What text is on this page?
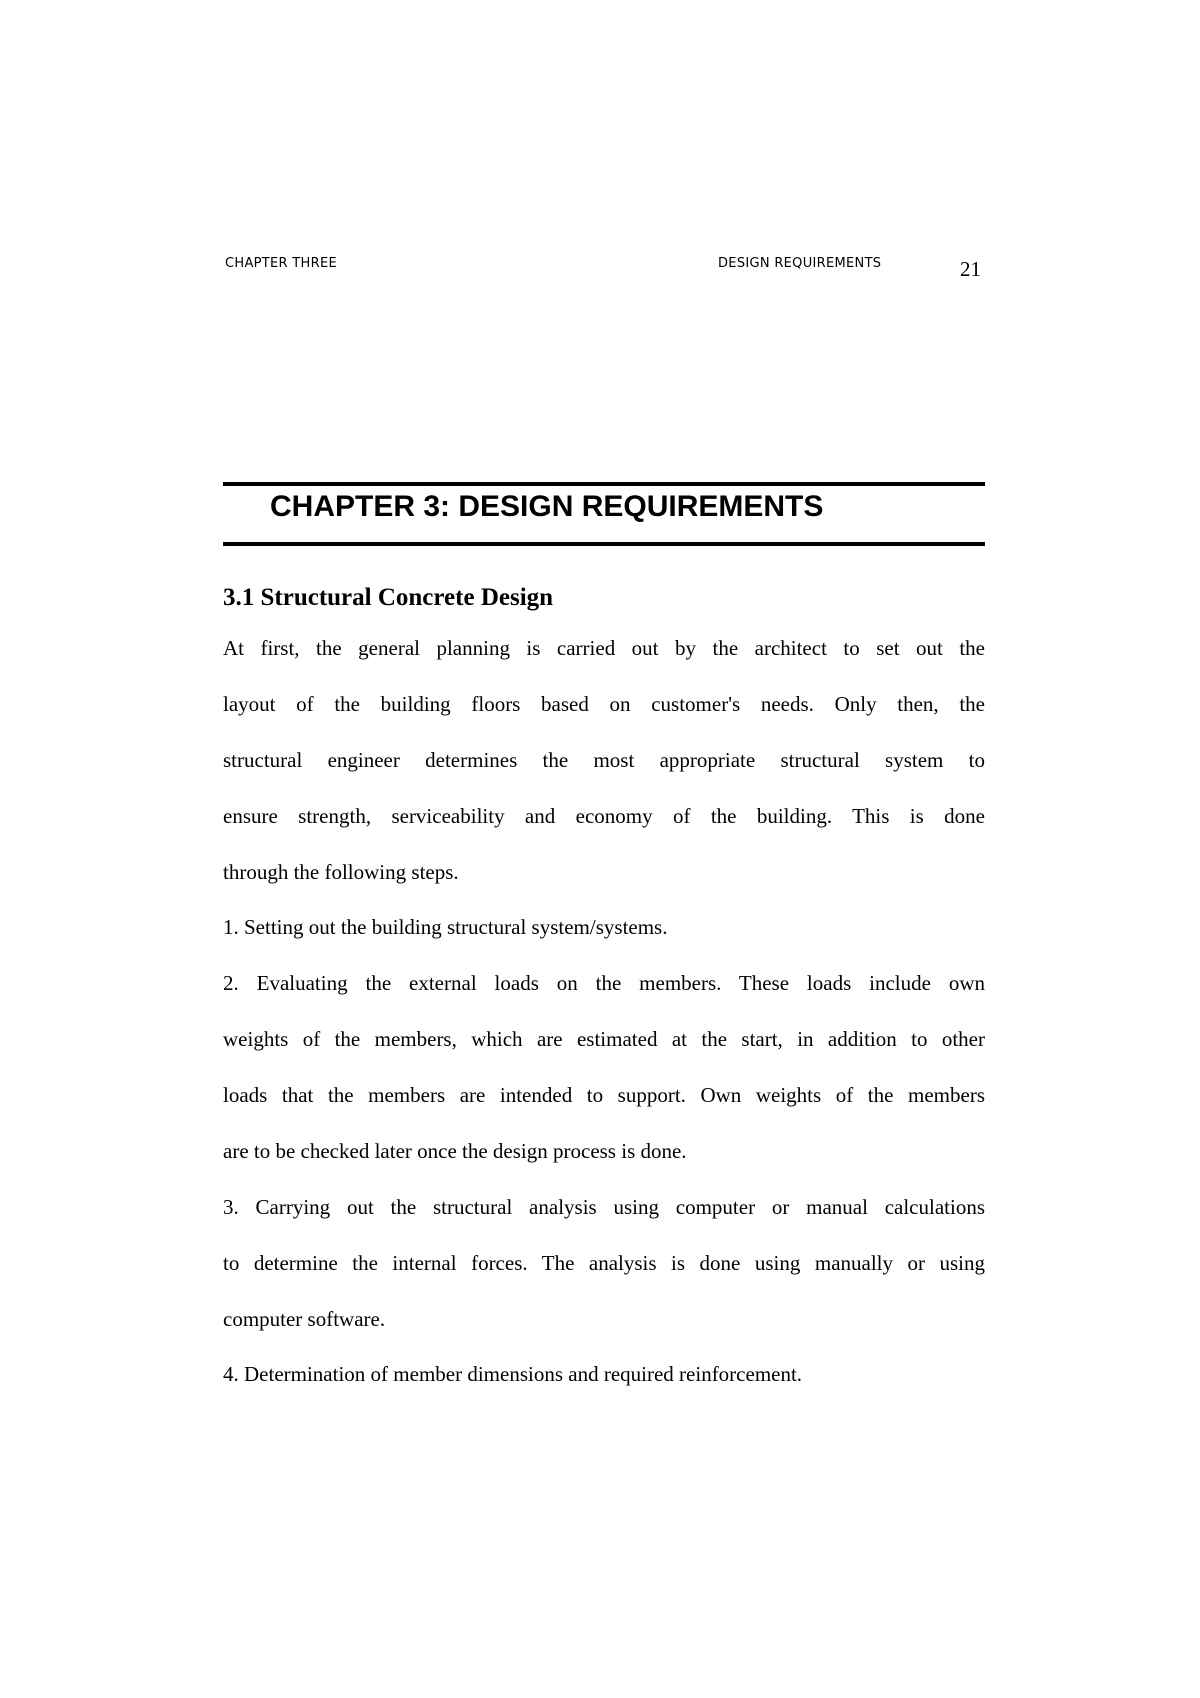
CHAPTER THREE	DESIGN REQUIREMENTS	21
CHAPTER 3: DESIGN REQUIREMENTS
3.1 Structural Concrete Design

At first, the general planning is carried out by the architect to set out the

layout of the building floors based on customer's needs. Only then, the

structural engineer determines the most appropriate structural system to

ensure strength, serviceability and economy of the building. This is done

through the following steps.

1. Setting out the building structural system/systems.

2. Evaluating the external loads on the members. These loads include own

weights of the members, which are estimated at the start, in addition to other

loads that the members are intended to support. Own weights of the members

are to be checked later once the design process is done.

3. Carrying out the structural analysis using computer or manual calculations

to determine the internal forces. The analysis is done using manually or using

computer software.

4. Determination of member dimensions and required reinforcement.
